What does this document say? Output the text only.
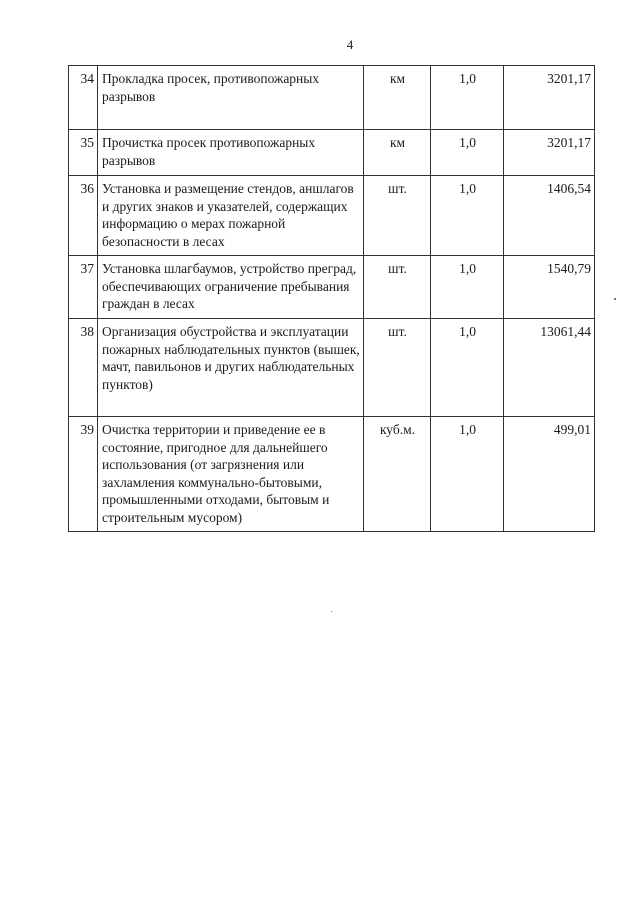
4
34	Прокладка просек, противопожарных разрывов	км	1,0	3201,17
35	Прочистка просек противопожарных разрывов	км	1,0	3201,17
36	Установка и размещение стендов, аншлагов и других знаков и указателей, содержащих информацию о мерах пожарной безопасности в лесах	шт.	1,0	1406,54
37	Установка шлагбаумов, устройство преград, обеспечивающих ограничение пребывания граждан в лесах	шт.	1,0	1540,79
38	Организация обустройства и эксплуатации пожарных наблюдательных пунктов (вышек, мачт, павильонов и других наблюдательных пунктов)	шт.	1,0	13061,44
39	Очистка территории и приведение ее в состояние, пригодное для дальнейшего использования (от загрязнения или захламления коммунально-бытовыми, промышленными отходами, бытовым и строительным мусором)	куб.м.	1,0	499,01
